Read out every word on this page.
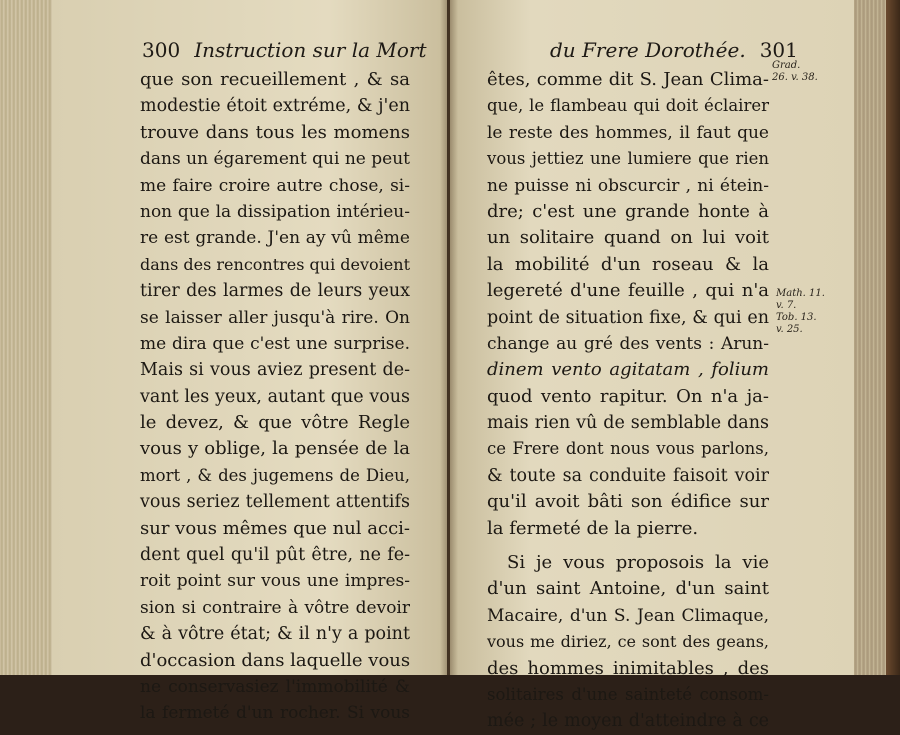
300 Instruction sur la Mort	du Frere Dorothée. 301
que son recueillement , & sa
modestie étoit extréme, & j'en
trouve dans tous les momens
dans un égarement qui ne peut
me faire croire autre chose, si-
non que la dissipation intérieu-
re est grande. J'en ay vû même
dans des rencontres qui devoient
tirer des larmes de leurs yeux
se laisser aller jusqu'à rire. On
me dira que c'est une surprise.
Mais si vous aviez present de-
vant les yeux, autant que vous
le devez, & que vôtre Regle
vous y oblige, la pensée de la
mort , & des jugemens de Dieu,
vous seriez tellement attentifs
sur vous mêmes que nul acci-
dent quel qu'il pût être, ne fe-
roit point sur vous une impres-
sion si contraire à vôtre devoir
& à vôtre état; & il n'y a point
d'occasion dans laquelle vous
ne conservasiez l'immobilité &
la fermeté d'un rocher. Si vous
êtes, comme dit S. Jean Clima-
que, le flambeau qui doit éclairer
le reste des hommes, il faut que
vous jettiez une lumiere que rien
ne puisse ni obscurcir , ni étein-
dre; c'est une grande honte à
un solitaire quand on lui voit
la mobilité d'un roseau & la
legereté d'une feuille , qui n'a
point de situation fixe, & qui en
change au gré des vents : Arun-
dinem vento agitatam , folium
quod vento rapitur. On n'a ja-
mais rien vû de semblable dans
ce Frere dont nous vous parlons,
& toute sa conduite faisoit voir
qu'il avoit bâti son édifice sur
la fermeté de la pierre.
Si je vous proposois la vie
d'un saint Antoine, d'un saint
Macaire, d'un S. Jean Climaque,
vous me diriez, ce sont des geans,
des hommes inimitables , des
solitaires d'une sainteté consom-
mée ; le moyen d'atteindre à ce
Grad.
26. v. 38.
Math. 11.
v. 7.
Tob. 13.
v. 25.
